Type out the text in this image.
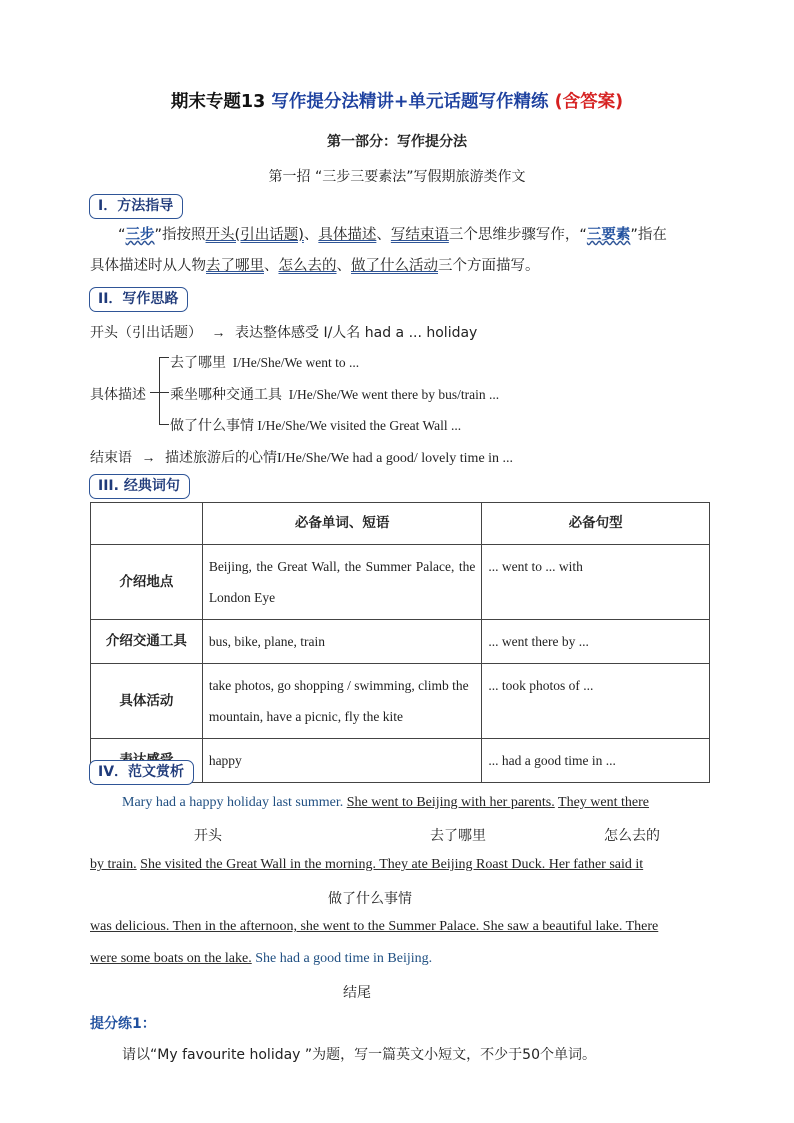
期末专题13 写作提分法精讲+单元话题写作精练 (含答案)
第一部分：写作提分法
第一招 “三步三要素法”写假期旅游类作文
I．方法指导
“三步”指按照开头(引出话题)、具体描述、写结束语三个思维步骤写作，“三要素”指在
具体描述时从人物去了哪里、怎么去的、做了什么活动三个方面描写。
II．写作思路
开头（引出话题） → 表达整体感受 I/人名 had a ... holiday
具体描述
去了哪里 I/He/She/We went to ...
乘坐哪种交通工具 I/He/She/We went there by bus/train ...
做了什么事情 I/He/She/We visited the Great Wall ...
结束语 → 描述旅游后的心情I/He/She/We had a good/ lovely time in ...
III. 经典词句
	必备单词、短语	必备句型
介绍地点	Beijing, the Great Wall, the Summer Palace, the London Eye	... went to ... with
介绍交通工具	bus, bike, plane, train	... went there by ...
具体活动	take photos, go shopping / swimming, climb the mountain, have a picnic, fly the kite	... took photos of ...
	happy	... had a good time in ...
IV．范文赏析
Mary had a happy holiday last summer. She went to Beijing with her parents. They went there
开头	去了哪里	怎么去的
by train. She visited the Great Wall in the morning. They ate Beijing Roast Duck. Her father said it
做了什么事情
was delicious. Then in the afternoon, she went to the Summer Palace. She saw a beautiful lake. There
were some boats on the lake. She had a good time in Beijing.
结尾
提分练1：
请以“My favourite holiday ”为题，写一篇英文小短文，不少于50个单词。
